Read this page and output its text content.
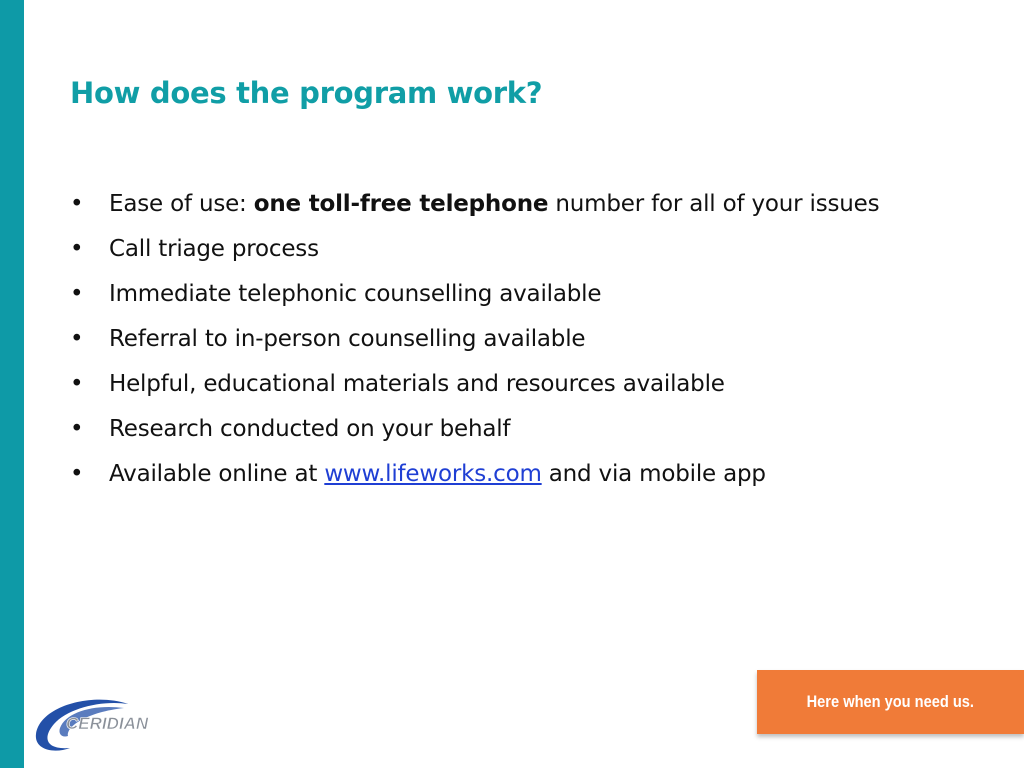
How does the program work?
• Ease of use: one toll-free telephone number for all of your issues
• Call triage process
• Immediate telephonic counselling available
• Referral to in-person counselling available
• Helpful, educational materials and resources available
• Research conducted on your behalf
• Available online at www.lifeworks.com and via mobile app
CERIDIAN
Here when you need us.
